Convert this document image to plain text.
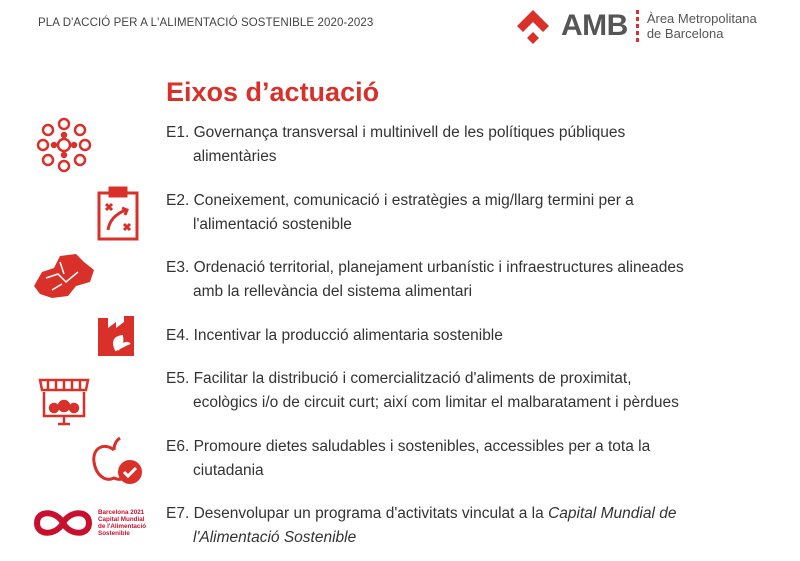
PLA D'ACCIÓ PER A L'ALIMENTACIÓ SOSTENIBLE 2020-2023	AMB Àrea Metropolitana
de Barcelona
Eixos d’actuació
Barcelona 2021
Capital Mundial
de l'Alimentació
Sostenible
E1. Governança transversal i multinivell de les polítiques públiques
alimentàries
E2. Coneixement, comunicació i estratègies a mig/llarg termini per a
l'alimentació sostenible
E3. Ordenació territorial, planejament urbanístic i infraestructures alineades
amb la rellevància del sistema alimentari
E4. Incentivar la producció alimentaria sostenible
E5. Facilitar la distribució i comercialització d'aliments de proximitat,
ecològics i/o de circuit curt; així com limitar el malbaratament i pèrdues
E6. Promoure dietes saludables i sostenibles, accessibles per a tota la
ciutadania
E7. Desenvolupar un programa d'activitats vinculat a la Capital Mundial de
l'Alimentació Sostenible
